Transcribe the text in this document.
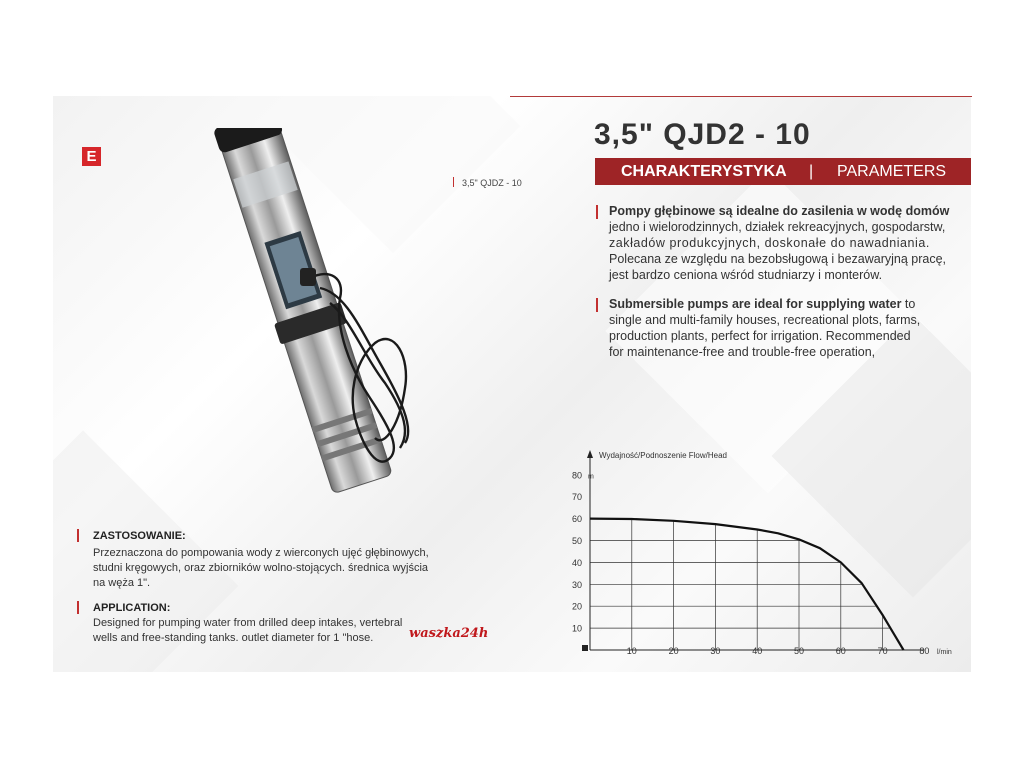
E
3,5" QJDZ - 10
3,5" QJD2 - 10
CHARAKTERYSTYKA | PARAMETERS
Pompy głębinowe są idealne do zasilenia w wodę domów
jedno i wielorodzinnych, działek rekreacyjnych, gospodarstw,
zakładów produkcyjnych, doskonałe do nawadniania.
Polecana ze względu na bezobsługową i bezawaryjną pracę,
jest bardzo ceniona wśród studniarzy i monterów.
Submersible pumps are ideal for supplying water to
single and multi-family houses, recreational plots, farms,
production plants, perfect for irrigation. Recommended
for maintenance-free and trouble-free operation,
ZASTOSOWANIE:
Przeznaczona do pompowania wody z wierconych ujęć głębinowych,
studni kręgowych, oraz zbiorników wolno-stojących. średnica wyjścia
na wężа 1".
APPLICATION:
Designed for pumping water from drilled deep intakes, vertebral
wells and free-standing tanks. outlet diameter for 1 "hose.	waszka24h	10
20
30
40
50
60
70
80 m
10	20	30	40	50	60	70	80 l/min
Wydajność/Podnoszenie Flow/Head
